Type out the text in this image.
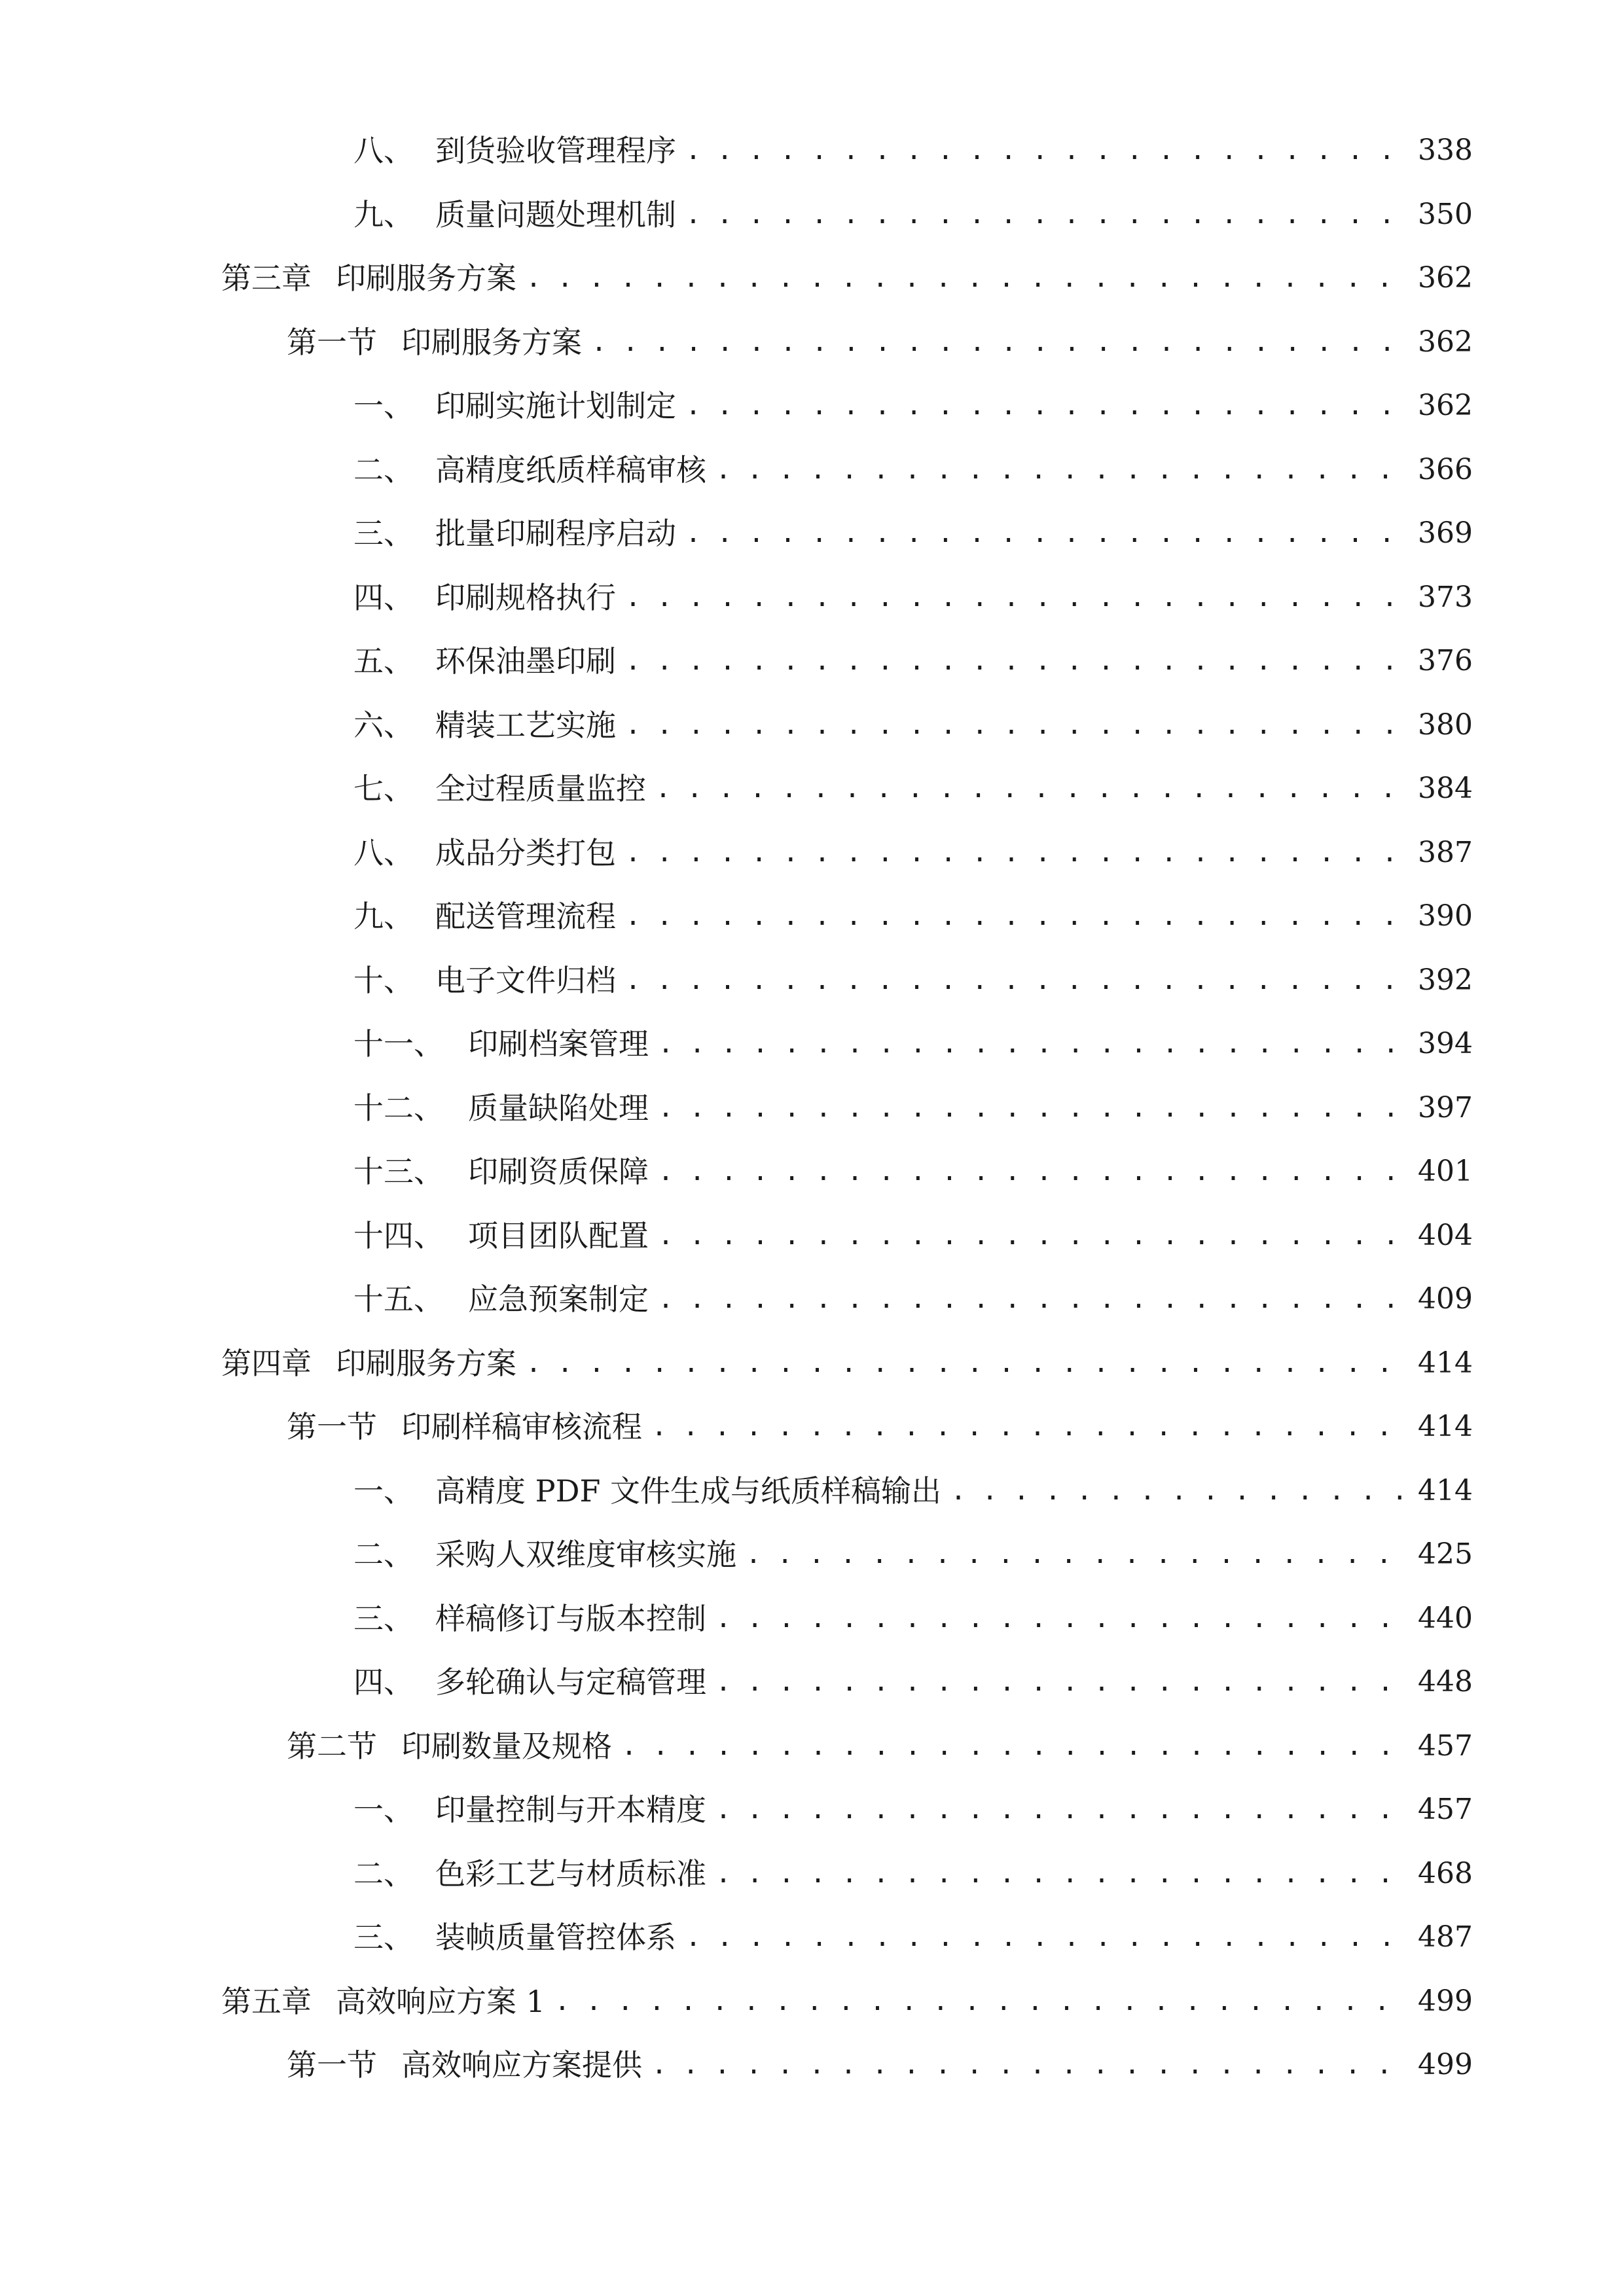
八、 到货验收管理程序 . . .	338
九、 质量问题处理机制 . . .	350
第三章 印刷服务方案 . . .	362
第一节 印刷服务方案 . . .	362
一、 印刷实施计划制定 . . .	362
二、 高精度纸质样稿审核 . . .	366
三、 批量印刷程序启动 . . .	369
四、 印刷规格执行 . . .	373
五、 环保油墨印刷 . . .	376
六、 精装工艺实施 . . .	380
七、 全过程质量监控 . . .	384
八、 成品分类打包 . . .	387
九、 配送管理流程 . . .	390
十、 电子文件归档 . . .	392
十一、 印刷档案管理 . . .	394
十二、 质量缺陷处理 . . .	397
十三、 印刷资质保障 . . .	401
十四、 项目团队配置 . . .	404
十五、 应急预案制定 . . .	409
第四章 印刷服务方案 . . .	414
第一节 印刷样稿审核流程 . . .	414
一、 高精度 PDF 文件生成与纸质样稿输出 . . .	414
二、 采购人双维度审核实施 . . .	425
三、 样稿修订与版本控制 . . .	440
四、 多轮确认与定稿管理 . . .	448
第二节 印刷数量及规格 . . .	457
一、 印量控制与开本精度 . . .	457
二、 色彩工艺与材质标准 . . .	468
三、 装帧质量管控体系 . . .	487
第五章 高效响应方案 1 . . .	499
第一节 高效响应方案提供 . . .	499
